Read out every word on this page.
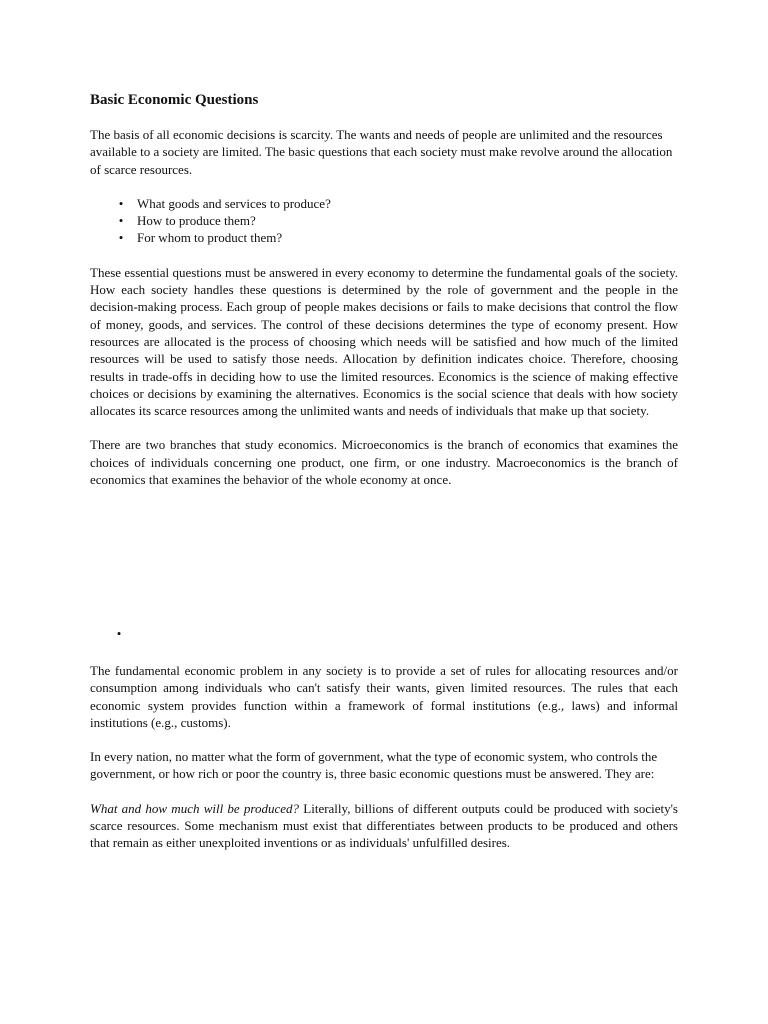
Basic Economic Questions

The basis of all economic decisions is scarcity. The wants and needs of people are unlimited and the resources available to a society are limited. The basic questions that each society must make revolve around the allocation of scarce resources.

•	What goods and services to produce?
•	How to produce them?
•	For whom to product them?

These essential questions must be answered in every economy to determine the fundamental goals of the society. How each society handles these questions is determined by the role of government and the people in the decision-making process. Each group of people makes decisions or fails to make decisions that control the flow of money, goods, and services. The control of these decisions determines the type of economy present. How resources are allocated is the process of choosing which needs will be satisfied and how much of the limited resources will be used to satisfy those needs. Allocation by definition indicates choice. Therefore, choosing results in trade-offs in deciding how to use the limited resources. Economics is the science of making effective choices or decisions by examining the alternatives. Economics is the social science that deals with how society allocates its scarce resources among the unlimited wants and needs of individuals that make up that society.

There are two branches that study economics. Microeconomics is the branch of economics that examines the choices of individuals concerning one product, one firm, or one industry. Macroeconomics is the branch of economics that examines the behavior of the whole economy at once.

•

The fundamental economic problem in any society is to provide a set of rules for allocating resources and/or consumption among individuals who can't satisfy their wants, given limited resources. The rules that each economic system provides function within a framework of formal institutions (e.g., laws) and informal institutions (e.g., customs).

In every nation, no matter what the form of government, what the type of economic system, who controls the government, or how rich or poor the country is, three basic economic questions must be answered. They are:

What and how much will be produced? Literally, billions of different outputs could be produced with society's scarce resources. Some mechanism must exist that differentiates between products to be produced and others that remain as either unexploited inventions or as individuals' unfulfilled desires.
